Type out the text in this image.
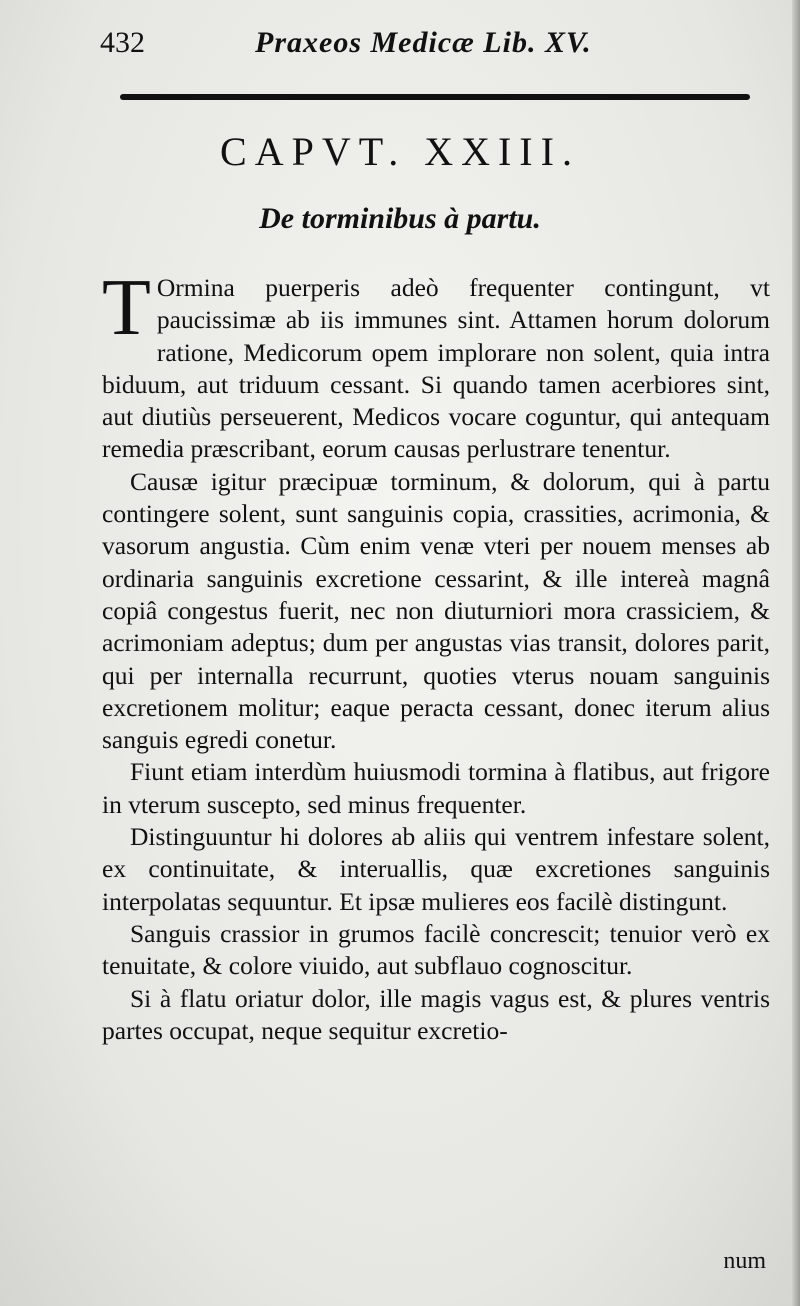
432	Praxeos Medicæ Lib. XV.
CAPVT. XXIII.
De torminibus à partu.

T Ormina puerperis adeò frequenter contingunt, vt paucissimæ ab iis immunes sint. Attamen horum dolorum ratione, Medicorum opem implorare non solent, quia intra biduum, aut triduum cessant. Si quando tamen acerbiores sint, aut diutiùs perseuerent, Medicos vocare coguntur, qui antequam remedia præscribant, eorum causas perlustrare tenentur.

Causæ igitur præcipuæ torminum, & dolorum, qui à partu contingere solent, sunt sanguinis copia, crassities, acrimonia, & vasorum angustia. Cùm enim venæ vteri per nouem menses ab ordinaria sanguinis excretione cessarint, & ille intereà magnâ copiâ congestus fuerit, nec non diuturniori mora crassiciem, & acrimoniam adeptus; dum per angustas vias transit, dolores parit, qui per internalla recurrunt, quoties vterus nouam sanguinis excretionem molitur; eaque peracta cessant, donec iterum alius sanguis egredi conetur.

Fiunt etiam interdùm huiusmodi tormina à flatibus, aut frigore in vterum suscepto, sed minus frequenter.

Distinguuntur hi dolores ab aliis qui ventrem infestare solent, ex continuitate, & interuallis, quæ excretiones sanguinis interpolatas sequuntur. Et ipsæ mulieres eos facilè distingunt.

Sanguis crassior in grumos facilè concrescit; tenuior verò ex tenuitate, & colore viuido, aut subflauo cognoscitur.

Si à flatu oriatur dolor, ille magis vagus est, & plures ventris partes occupat, neque sequitur excretio-

num
